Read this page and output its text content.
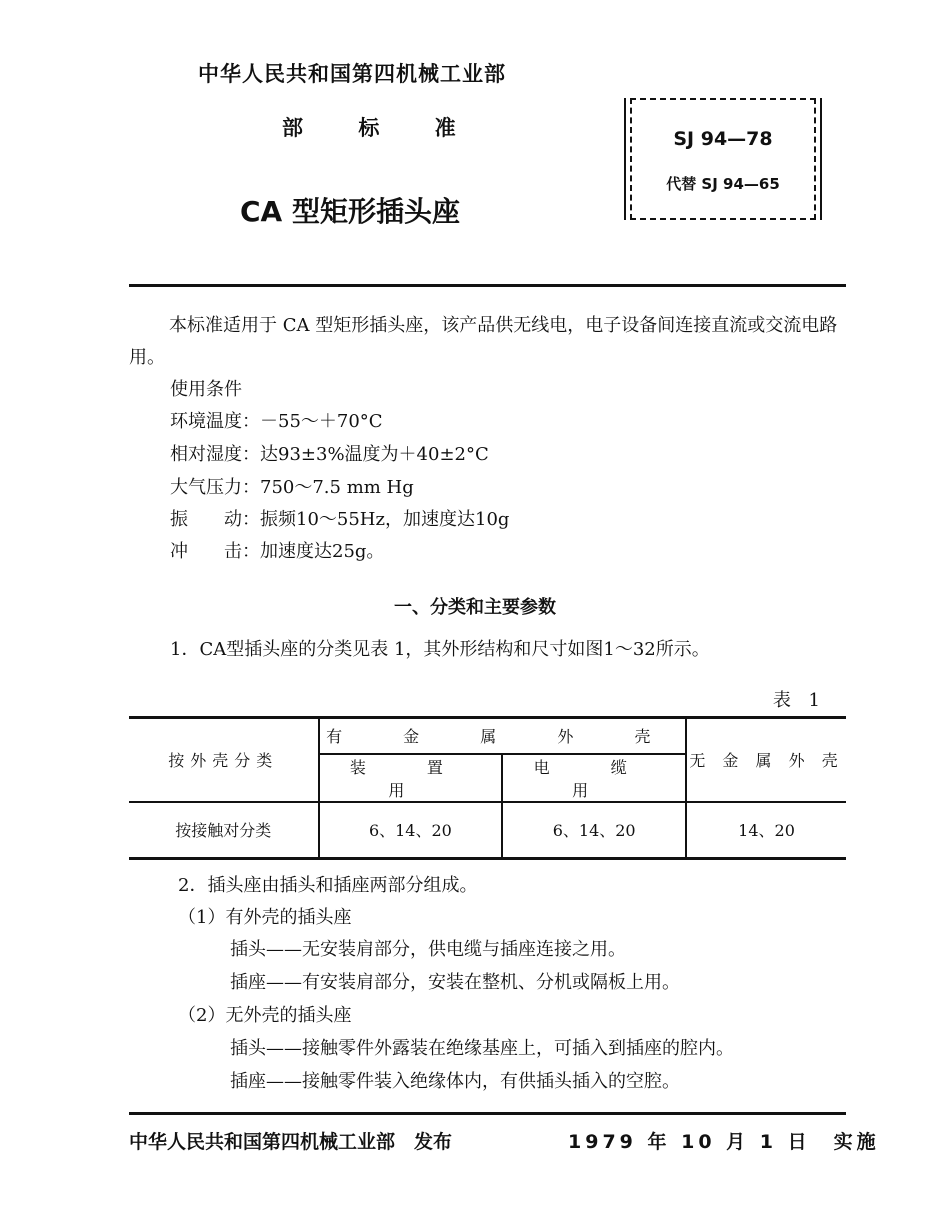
中华人民共和国第四机械工业部
部	标	准
CA 型矩形插头座
SJ 94—78
代替 SJ 94—65
本标准适用于 CA 型矩形插头座，该产品供无线电，电子设备间连接直流或交流电路用。
使用条件
环境温度：－55～＋70°C
相对湿度：达93±3%温度为＋40±2°C
大气压力：750～7.5 mm Hg
振　　动：振频10～55Hz，加速度达10g
冲　　击：加速度达25g。
一、分类和主要参数
1．CA型插头座的分类见表 1，其外形结构和尺寸如图1～32所示。
表 1
按外壳分类	有 金 属 外 壳		无 金 属 外 壳
	装 置 用	电 缆 用	
按接触对分类	6、14、20	6、14、20	14、20
2．插头座由插头和插座两部分组成。
（1）有外壳的插头座
插头——无安装肩部分，供电缆与插座连接之用。
插座——有安装肩部分，安装在整机、分机或隔板上用。
（2）无外壳的插头座
插头——接触零件外露装在绝缘基座上，可插入到插座的腔内。
插座——接触零件装入绝缘体内，有供插头插入的空腔。
中华人民共和国第四机械工业部　发布	1979 年 10 月 1 日　实施
